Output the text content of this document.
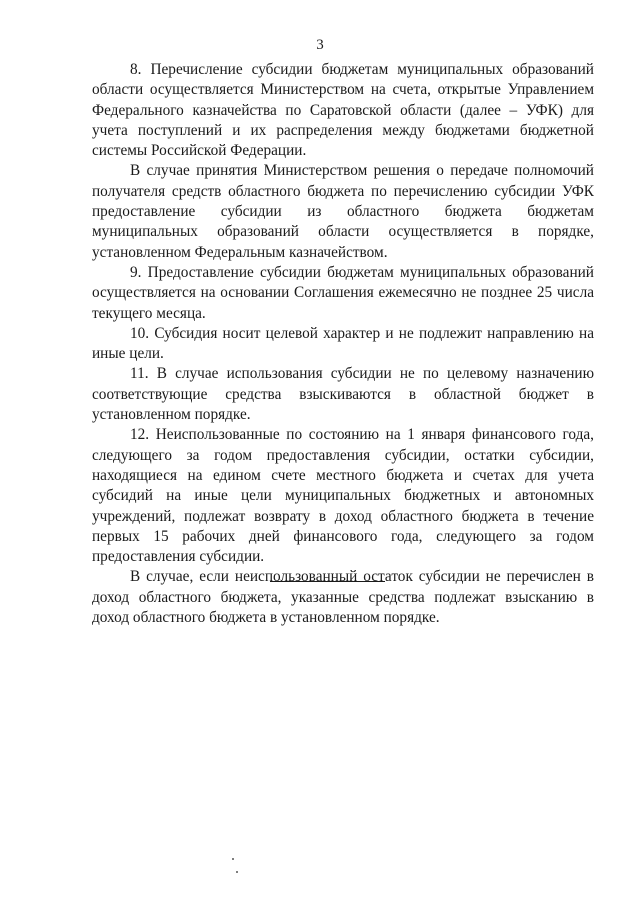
3

8. Перечисление субсидии бюджетам муниципальных образований области осуществляется Министерством на счета, открытые Управлением Федерального казначейства по Саратовской области (далее – УФК) для учета поступлений и их распределения между бюджетами бюджетной системы Российской Федерации.

В случае принятия Министерством решения о передаче полномочий получателя средств областного бюджета по перечислению субсидии УФК предоставление субсидии из областного бюджета бюджетам муниципальных образований области осуществляется в порядке, установленном Федеральным казначейством.

9. Предоставление субсидии бюджетам муниципальных образований осуществляется на основании Соглашения ежемесячно не позднее 25 числа текущего месяца.

10. Субсидия носит целевой характер и не подлежит направлению на иные цели.

11. В случае использования субсидии не по целевому назначению соответствующие средства взыскиваются в областной бюджет в установленном порядке.

12. Неиспользованные по состоянию на 1 января финансового года, следующего за годом предоставления субсидии, остатки субсидии, находящиеся на едином счете местного бюджета и счетах для учета субсидий на иные цели муниципальных бюджетных и автономных учреждений, подлежат возврату в доход областного бюджета в течение первых 15 рабочих дней финансового года, следующего за годом предоставления субсидии.

В случае, если неиспользованный остаток субсидии не перечислен в доход областного бюджета, указанные средства подлежат взысканию в доход областного бюджета в установленном порядке.
